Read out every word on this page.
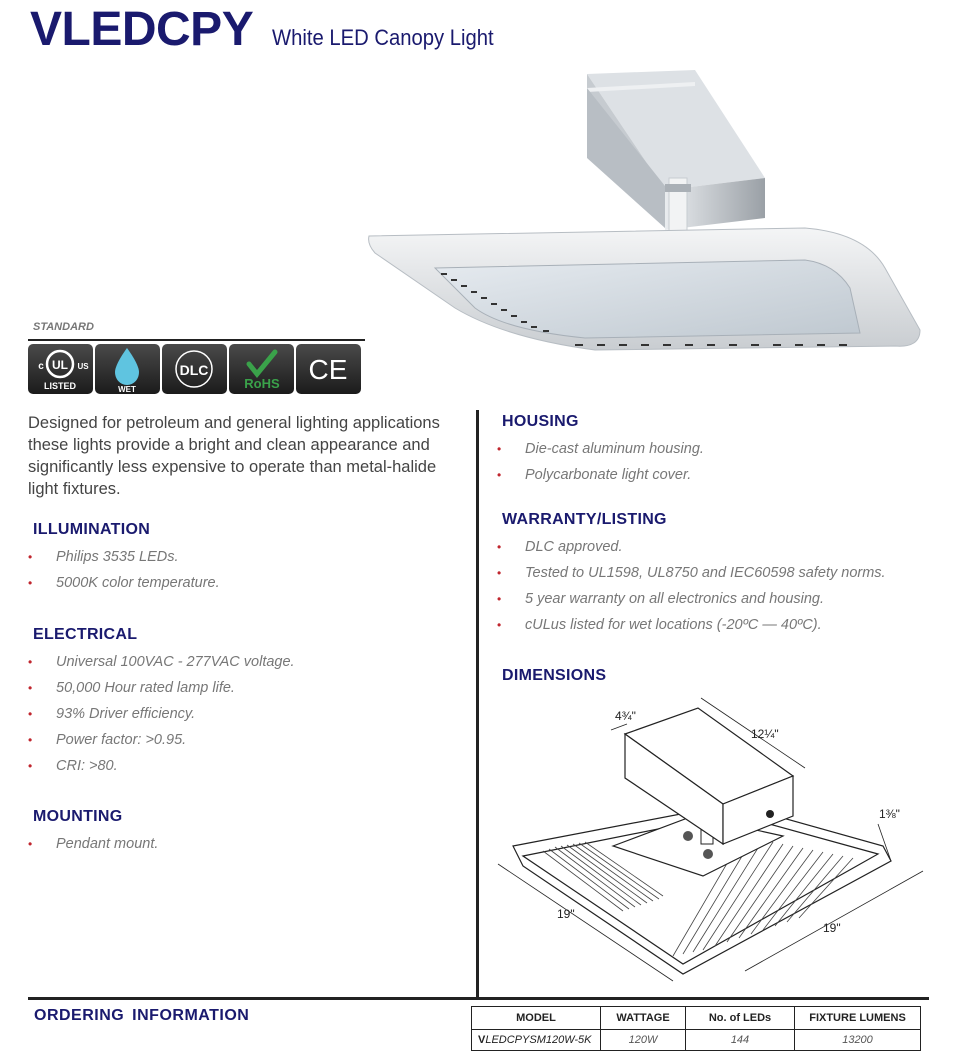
VLEDCPY White LED Canopy Light
STANDARD
UL
c	US
LISTED	WET
DLC
RoHS CE
Designed for petroleum and general lighting applications these lights provide a bright and clean appearance and significantly less expensive to operate than metal-halide light fixtures.
ILLUMINATION
• Philips 3535 LEDs.
• 5000K color temperature.
ELECTRICAL
• Universal 100VAC - 277VAC voltage.
• 50,000 Hour rated lamp life.
• 93% Driver efficiency.
• Power factor: >0.95.
• CRI: >80.
MOUNTING
• Pendant mount.
HOUSING
• Die-cast aluminum housing.
• Polycarbonate light cover.
WARRANTY/LISTING
• DLC approved.
• Tested to UL1598, UL8750 and IEC60598 safety norms.
• 5 year warranty on all electronics and housing.
• cULus listed for wet locations (-20ºC — 40ºC).
DIMENSIONS
4¾"
12¼"
1⅜"
19"
19"
ORDERING INFORMATION	MODEL	WATTAGE	No. of LEDs	FIXTURE LUMENS
VLEDCPYSM120W-5K	120W	144	13200
